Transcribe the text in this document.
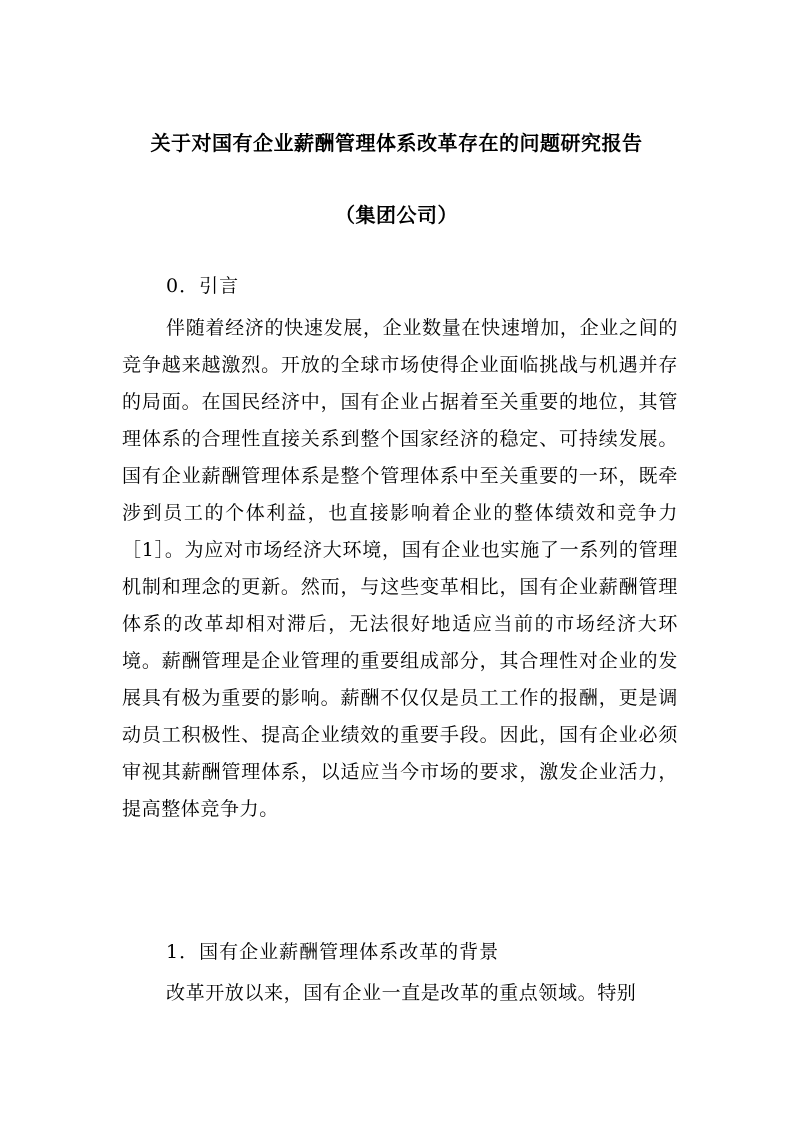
关于对国有企业薪酬管理体系改革存在的问题研究报告
（集团公司）
0．引言

伴随着经济的快速发展，企业数量在快速增加，企业之间的竞争越来越激烈。开放的全球市场使得企业面临挑战与机遇并存的局面。在国民经济中，国有企业占据着至关重要的地位，其管理体系的合理性直接关系到整个国家经济的稳定、可持续发展。国有企业薪酬管理体系是整个管理体系中至关重要的一环，既牵涉到员工的个体利益，也直接影响着企业的整体绩效和竞争力［1］。为应对市场经济大环境，国有企业也实施了一系列的管理机制和理念的更新。然而，与这些变革相比，国有企业薪酬管理体系的改革却相对滞后，无法很好地适应当前的市场经济大环境。薪酬管理是企业管理的重要组成部分，其合理性对企业的发展具有极为重要的影响。薪酬不仅仅是员工工作的报酬，更是调动员工积极性、提高企业绩效的重要手段。因此，国有企业必须审视其薪酬管理体系，以适应当今市场的要求，激发企业活力，提高整体竞争力。

1．国有企业薪酬管理体系改革的背景

改革开放以来，国有企业一直是改革的重点领域。特别
